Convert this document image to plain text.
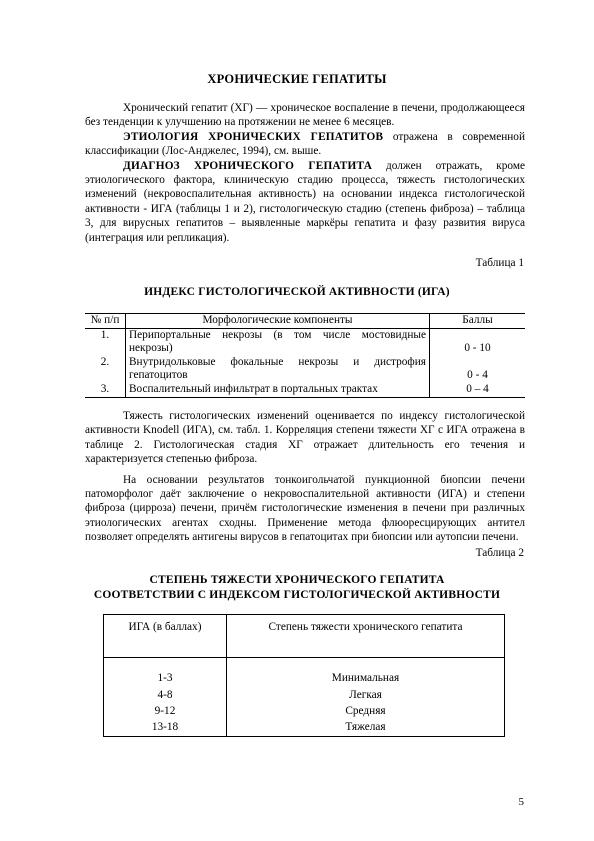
ХРОНИЧЕСКИЕ ГЕПАТИТЫ

Хронический гепатит (ХГ) — хроническое воспаление в печени, продолжающееся без тенденции к улучшению на протяжении не менее 6 месяцев.

ЭТИОЛОГИЯ ХРОНИЧЕСКИХ ГЕПАТИТОВ отражена в современной классификации (Лос-Анджелес, 1994), см. выше.

ДИАГНОЗ ХРОНИЧЕСКОГО ГЕПАТИТА должен отражать, кроме этиологического фактора, клиническую стадию процесса, тяжесть гистологических изменений (некровоспалительная активность) на основании индекса гистологической активности - ИГА (таблицы 1 и 2), гистологическую стадию (степень фиброза) – таблица 3, для вирусных гепатитов – выявленные маркёры гепатита и фазу развития вируса (интеграция или репликация).

Таблица 1
ИНДЕКС ГИСТОЛОГИЧЕСКОЙ АКТИВНОСТИ (ИГА)
№ п/п	Морфологические компоненты	Баллы
1.	Перипортальные некрозы (в том числе мостовидные некрозы)	0 - 10
2.	Внутридольковые фокальные некрозы и дистрофия гепатоцитов	0 - 4
3.	Воспалительный инфильтрат в портальных трактах	0 – 4

Тяжесть гистологических изменений оценивается по индексу гистологической активности Knodell (ИГА), см. табл. 1. Корреляция степени тяжести ХГ с ИГА отражена в таблице 2. Гистологическая стадия ХГ отражает длительность его течения и характеризуется степенью фиброза.

На основании результатов тонкоигольчатой пункционной биопсии печени патоморфолог даёт заключение о некровоспалительной активности (ИГА) и степени фиброза (цирроза) печени, причём гистологические изменения в печени при различных этиологических агентах сходны. Применение метода флюоресцирующих антител позволяет определять антигены вирусов в гепатоцитах при биопсии или аутопсии печени.

Таблица 2
СТЕПЕНЬ ТЯЖЕСТИ ХРОНИЧЕСКОГО ГЕПАТИТА
СООТВЕТСТВИИ С ИНДЕКСОМ ГИСТОЛОГИЧЕСКОЙ АКТИВНОСТИ
ИГА (в баллах)	Степень тяжести хронического гепатита

1-3	Минимальная
4-8	Легкая
9-12	Средняя
13-18	Тяжелая
5
